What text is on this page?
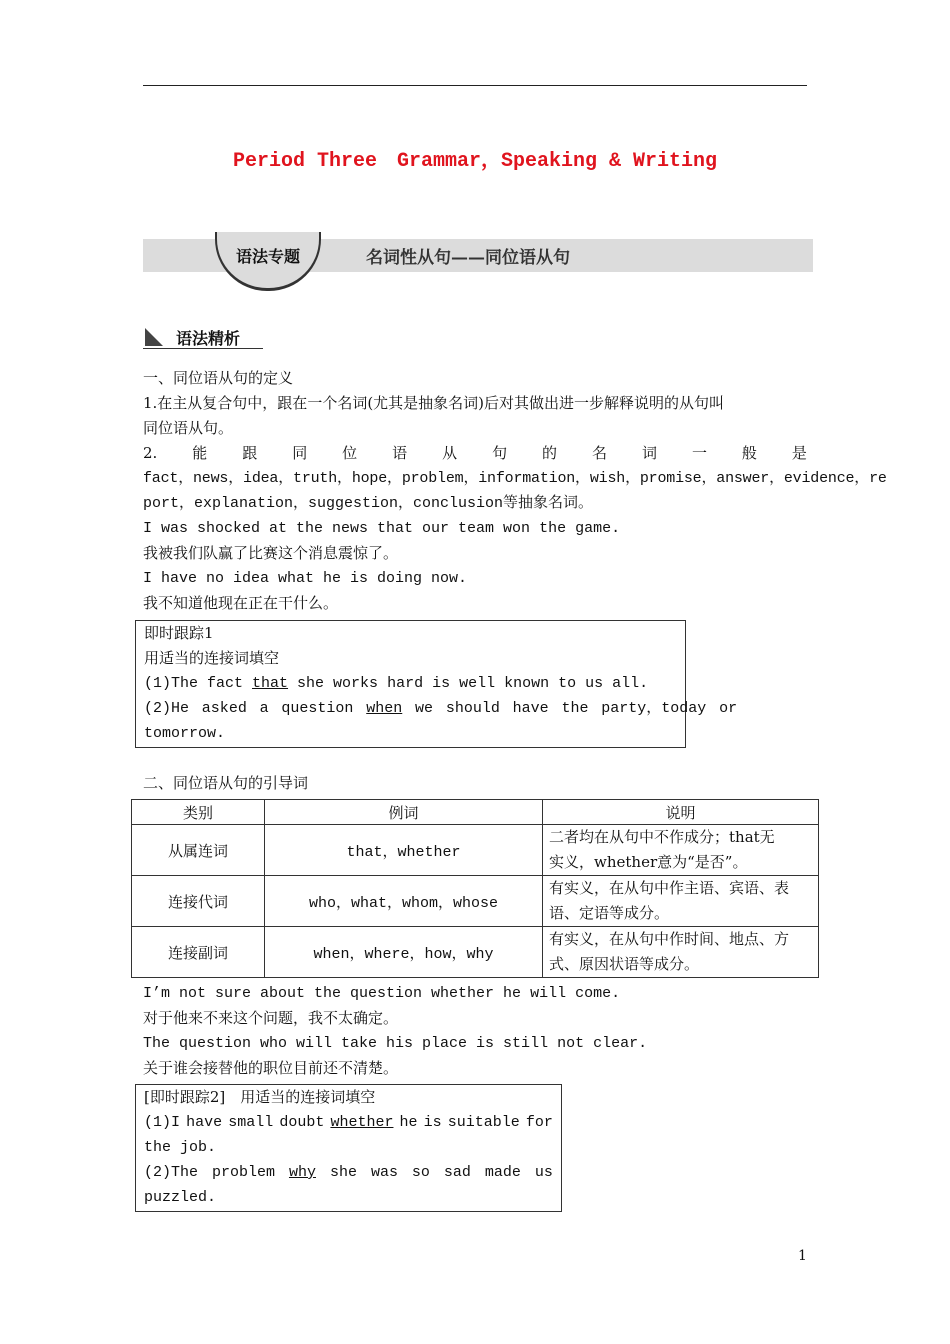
Period Three　Grammar，Speaking & Writing
语法专题	名词性从句——同位语从句
语法精析
一、同位语从句的定义
1.在主从复合句中，跟在一个名词(尤其是抽象名词)后对其做出进一步解释说明的从句叫
同位语从句。
2. 能 跟 同 位 语 从 句 的 名 词 一 般 是
fact，news，idea，truth，hope，problem，information，wish，promise，answer，evidence，re
port，explanation，suggestion，conclusion等抽象名词。
I was shocked at the news that our team won the game.
我被我们队赢了比赛这个消息震惊了。
I have no idea what he is doing now.
我不知道他现在正在干什么。
即时跟踪1
用适当的连接词填空
(1)The fact that she works hard is well known to us all.
(2)He asked a question when we should have the party，today or
tomorrow.
二、同位语从句的引导词
类别	例词	说明
从属连词	that，whether	二者均在从句中不作成分；that无
实义，whether意为“是否”。

连接代词	who，what，whom，whose	有实义，在从句中作主语、宾语、表
语、定语等成分。

连接副词	when，where，how，why	有实义，在从句中作时间、地点、方
式、原因状语等成分。
I’m not sure about the question whether he will come.
对于他来不来这个问题，我不太确定。
The question who will take his place is still not clear.
关于谁会接替他的职位目前还不清楚。
[即时跟踪2]　用适当的连接词填空
(1)I have small doubt whether he is suitable for
the job.
(2)The problem why she was so sad made us
puzzled.
1
